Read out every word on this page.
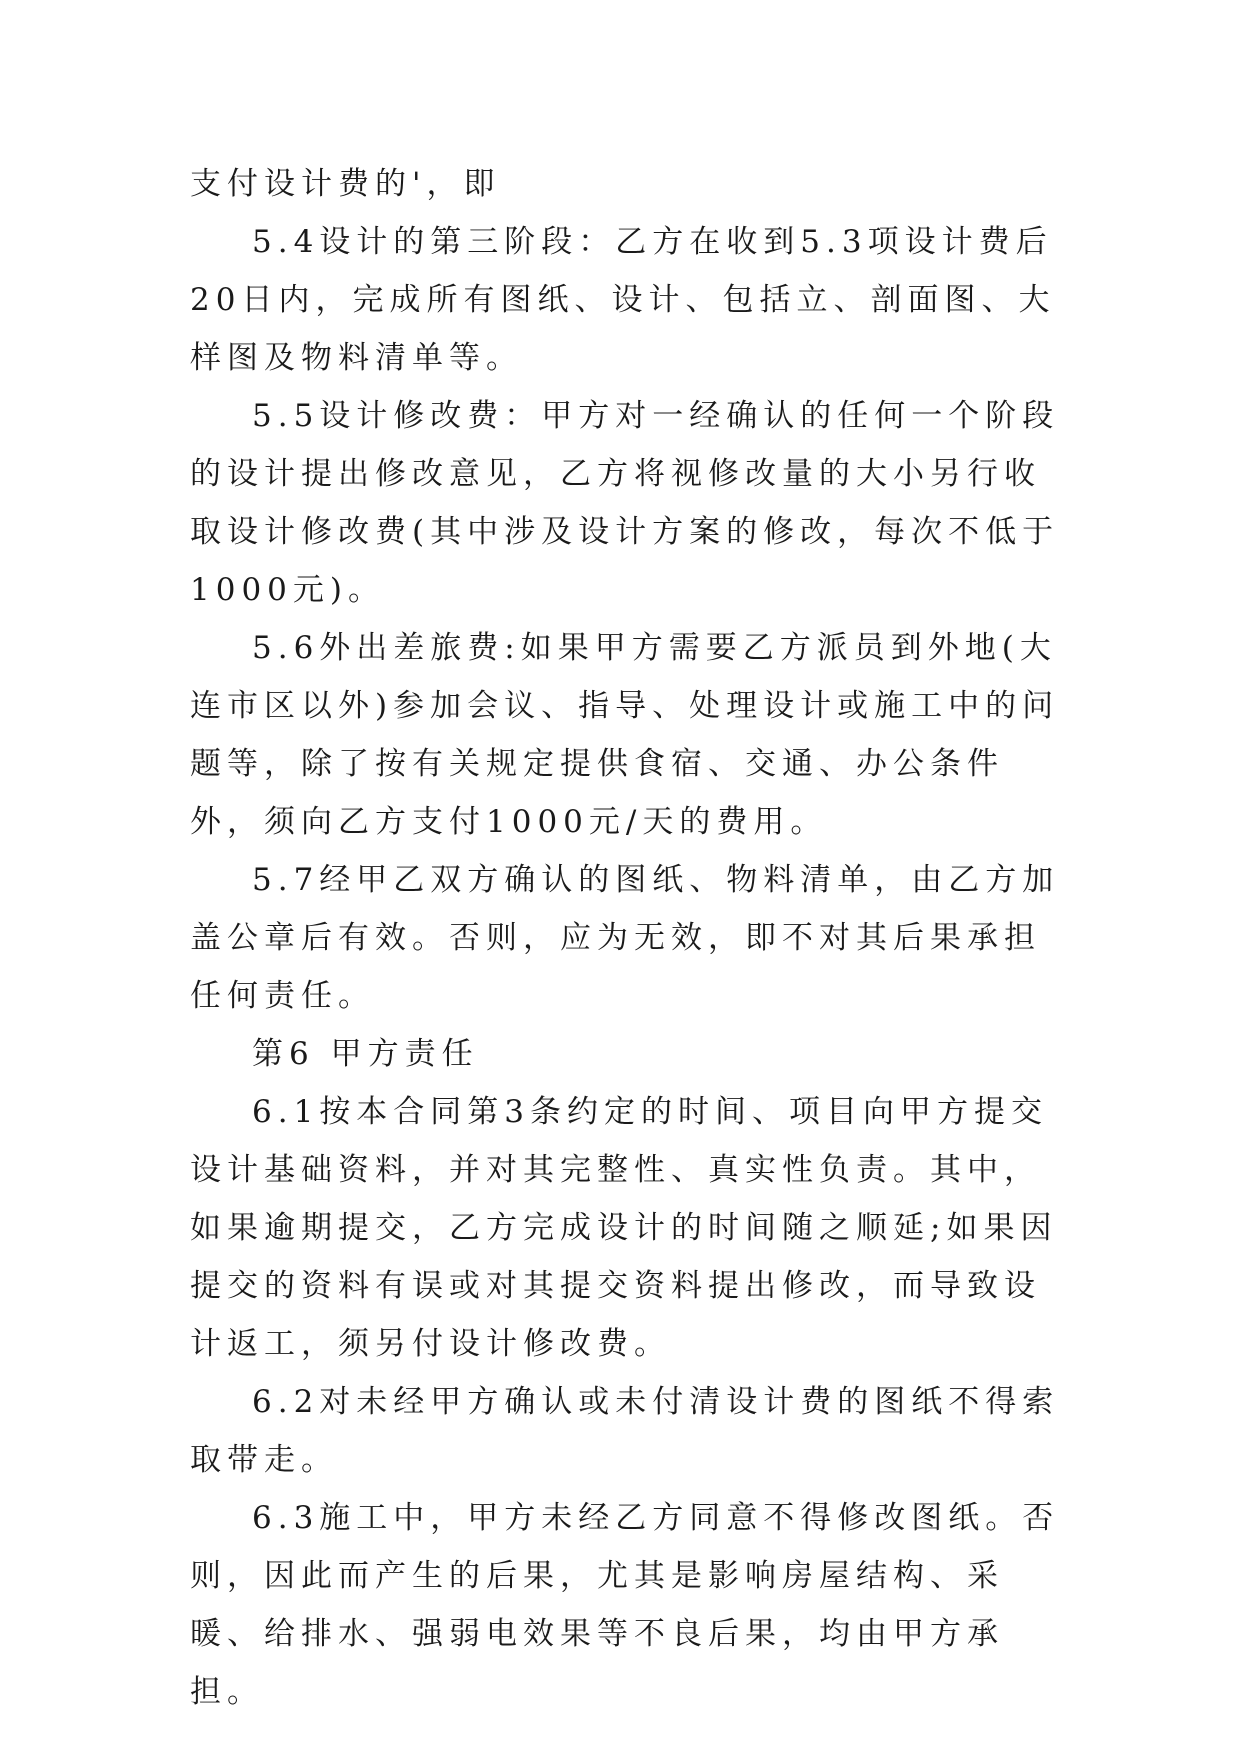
支付设计费的'，即

5.4设计的第三阶段：乙方在收到5.3项设计费后20日内，完成所有图纸、设计、包括立、剖面图、大样图及物料清单等。

5.5设计修改费：甲方对一经确认的任何一个阶段的设计提出修改意见，乙方将视修改量的大小另行收取设计修改费(其中涉及设计方案的修改，每次不低于1000元)。

5.6外出差旅费:如果甲方需要乙方派员到外地(大连市区以外)参加会议、指导、处理设计或施工中的问题等，除了按有关规定提供食宿、交通、办公条件外，须向乙方支付1000元/天的费用。

5.7经甲乙双方确认的图纸、物料清单，由乙方加盖公章后有效。否则，应为无效，即不对其后果承担任何责任。

第6 甲方责任

6.1按本合同第3条约定的时间、项目向甲方提交设计基础资料，并对其完整性、真实性负责。其中，如果逾期提交，乙方完成设计的时间随之顺延;如果因提交的资料有误或对其提交资料提出修改，而导致设计返工，须另付设计修改费。

6.2对未经甲方确认或未付清设计费的图纸不得索取带走。

6.3施工中，甲方未经乙方同意不得修改图纸。否则，因此而产生的后果，尤其是影响房屋结构、采暖、给排水、强弱电效果等不良后果，均由甲方承担。
